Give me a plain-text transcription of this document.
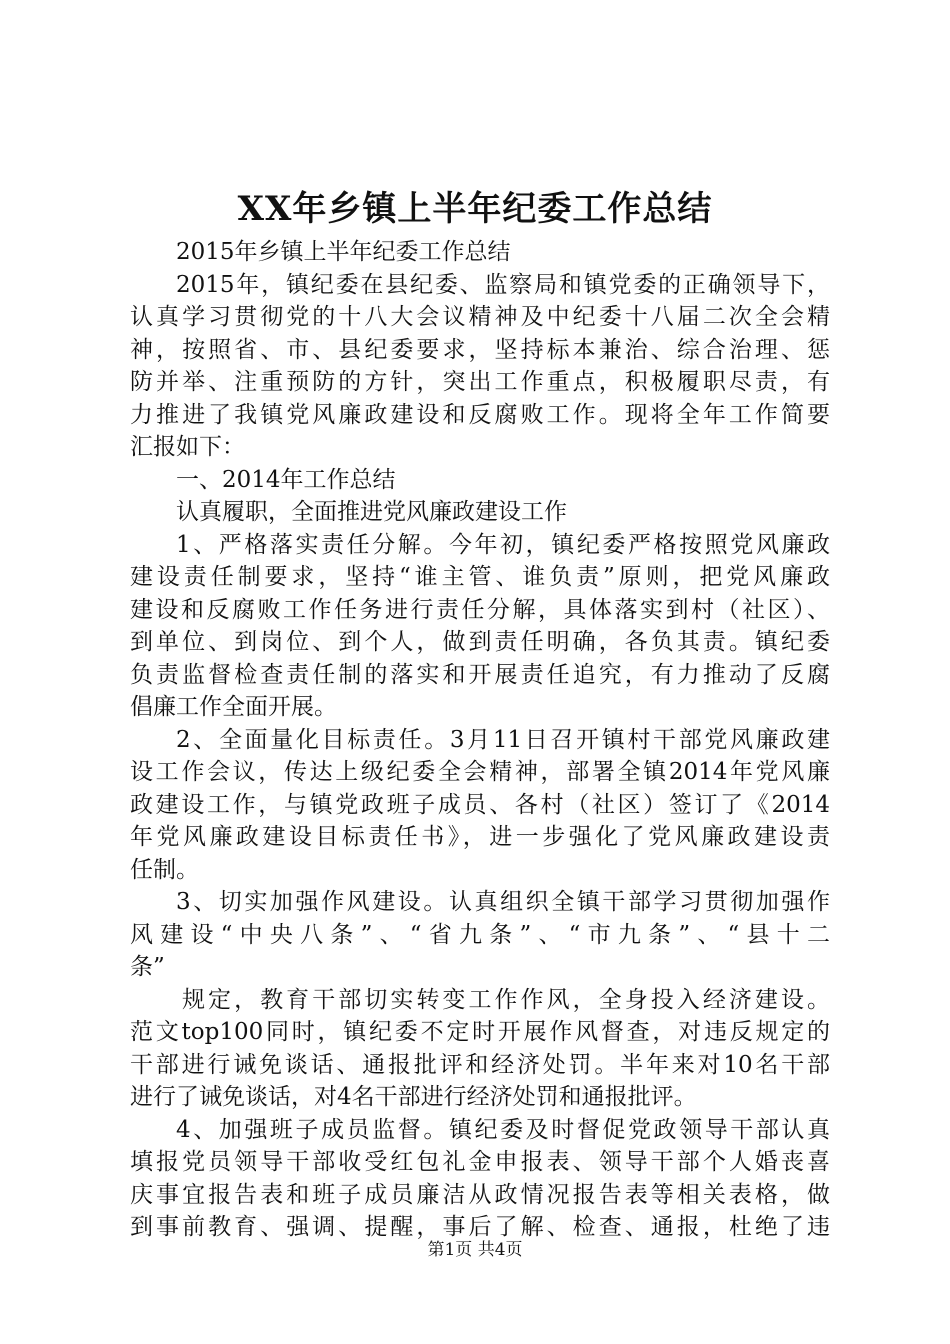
XX年乡镇上半年纪委工作总结
2015年乡镇上半年纪委工作总结
2015年，镇纪委在县纪委、监察局和镇党委的正确领导下，
认真学习贯彻党的十八大会议精神及中纪委十八届二次全会精
神，按照省、市、县纪委要求，坚持标本兼治、综合治理、惩
防并举、注重预防的方针，突出工作重点，积极履职尽责，有
力推进了我镇党风廉政建设和反腐败工作。现将全年工作简要
汇报如下：
一、2014年工作总结
认真履职，全面推进党风廉政建设工作
1、严格落实责任分解。今年初，镇纪委严格按照党风廉政
建设责任制要求，坚持“谁主管、谁负责”原则，把党风廉政
建设和反腐败工作任务进行责任分解，具体落实到村（社区）、
到单位、到岗位、到个人，做到责任明确，各负其责。镇纪委
负责监督检查责任制的落实和开展责任追究，有力推动了反腐
倡廉工作全面开展。
2、全面量化目标责任。3月11日召开镇村干部党风廉政建
设工作会议，传达上级纪委全会精神，部署全镇2014年党风廉
政建设工作，与镇党政班子成员、各村（社区）签订了《2014
年党风廉政建设目标责任书》，进一步强化了党风廉政建设责
任制。
3、切实加强作风建设。认真组织全镇干部学习贯彻加强作
风建设“中央八条”、“省九条”、“市九条”、“县十二
条”
规定，教育干部切实转变工作作风，全身投入经济建设。
范文top100同时，镇纪委不定时开展作风督查，对违反规定的
干部进行诫免谈话、通报批评和经济处罚。半年来对10名干部
进行了诫免谈话，对4名干部进行经济处罚和通报批评。
4、加强班子成员监督。镇纪委及时督促党政领导干部认真
填报党员领导干部收受红包礼金申报表、领导干部个人婚丧喜
庆事宜报告表和班子成员廉洁从政情况报告表等相关表格，做
到事前教育、强调、提醒，事后了解、检查、通报，杜绝了违
第1页 共4页
